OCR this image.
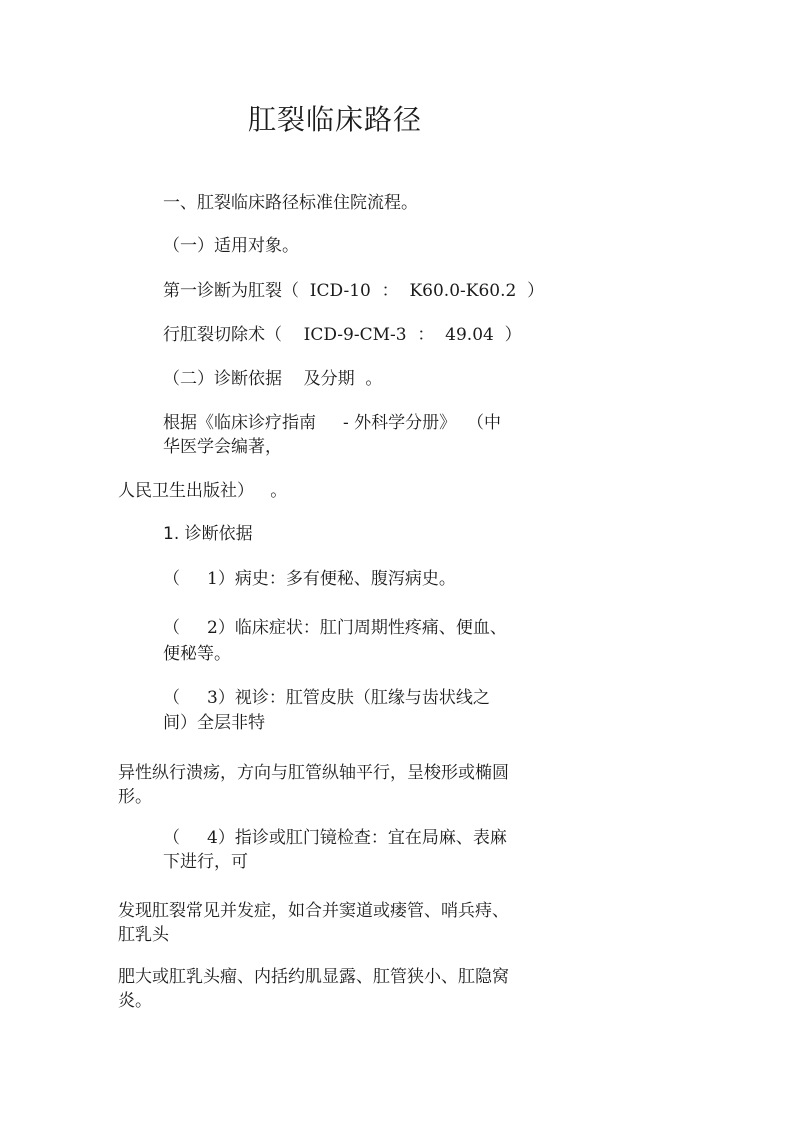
肛裂临床路径

一、肛裂临床路径标准住院流程。

（一）适用对象。

第一诊断为肛裂（  ICD-10  ：  K60.0-K60.2  ）

行肛裂切除术（    ICD-9-CM-3  ：  49.04  ）

（二）诊断依据    及分期  。

根据《临床诊疗指南     - 外科学分册》  （中

华医学会编著，

人民卫生出版社）   。

1. 诊断依据

（     1）病史：多有便秘、腹泻病史。

（     2）临床症状：肛门周期性疼痛、便血、

便秘等。

（     3）视诊：肛管皮肤（肛缘与齿状线之

间）全层非特

异性纵行溃疡，方向与肛管纵轴平行，呈梭形或椭圆

形。

（     4）指诊或肛门镜检查：宜在局麻、表麻

下进行，可

发现肛裂常见并发症，如合并窦道或瘘管、哨兵痔、

肛乳头

肥大或肛乳头瘤、内括约肌显露、肛管狭小、肛隐窝

炎。
